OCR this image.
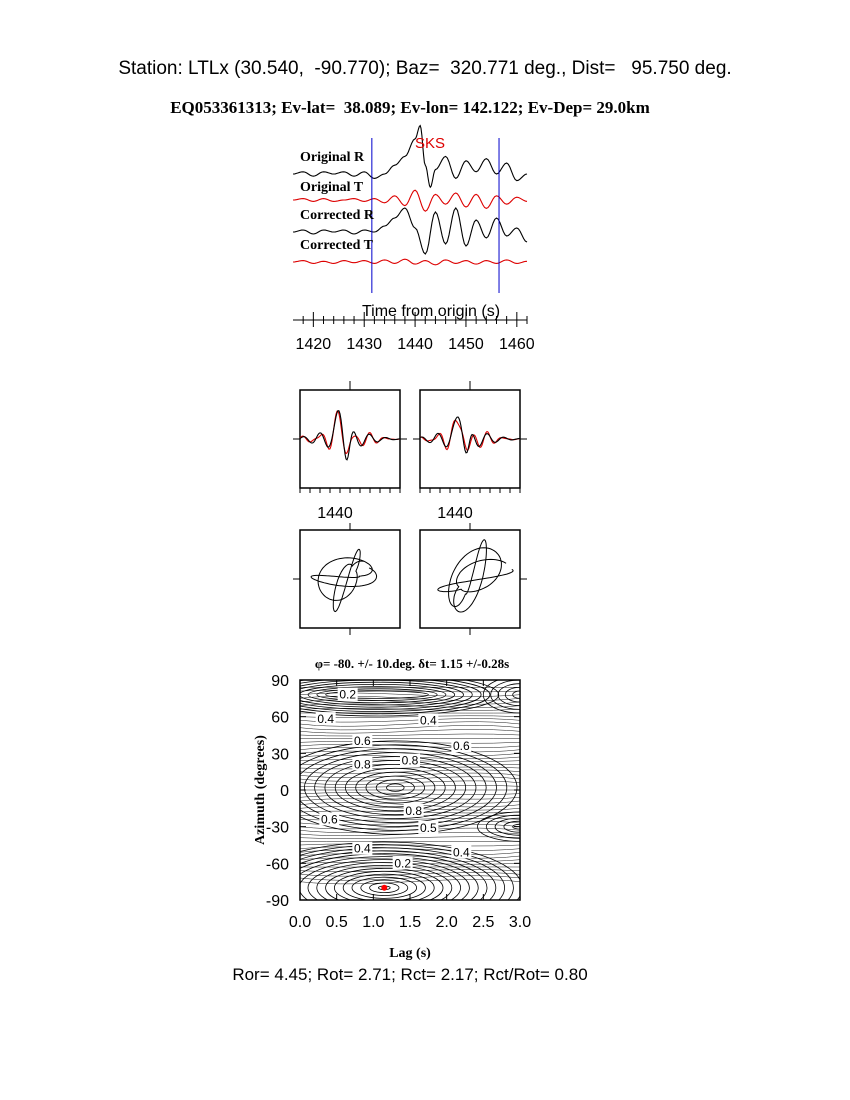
Station: LTLx (30.540,  -90.770); Baz=  320.771 deg., Dist=   95.750 deg.
EQ053361313; Ev-lat=  38.089; Ev-lon= 142.122; Ev-Dep= 29.0km
SKS
Original R
Original T
Corrected R
Corrected T
Time from origin (s)
1420 1430 1440 1450 1460
1440	1440
φ= -80. +/- 10.deg. δt= 1.15 +/-0.28s
0.2
0.4	0.4
0.6	0.6
0.8	0.8
0.8
0.6
0.5
0.4	0.4
0.2
0.0 0.5 1.0 1.5 2.0 2.5 3.0
90
60
30
0
-30
-60
-90
Lag (s)
Azimuth (degrees)
Ror= 4.45; Rot= 2.71; Rct= 2.17; Rct/Rot= 0.80
